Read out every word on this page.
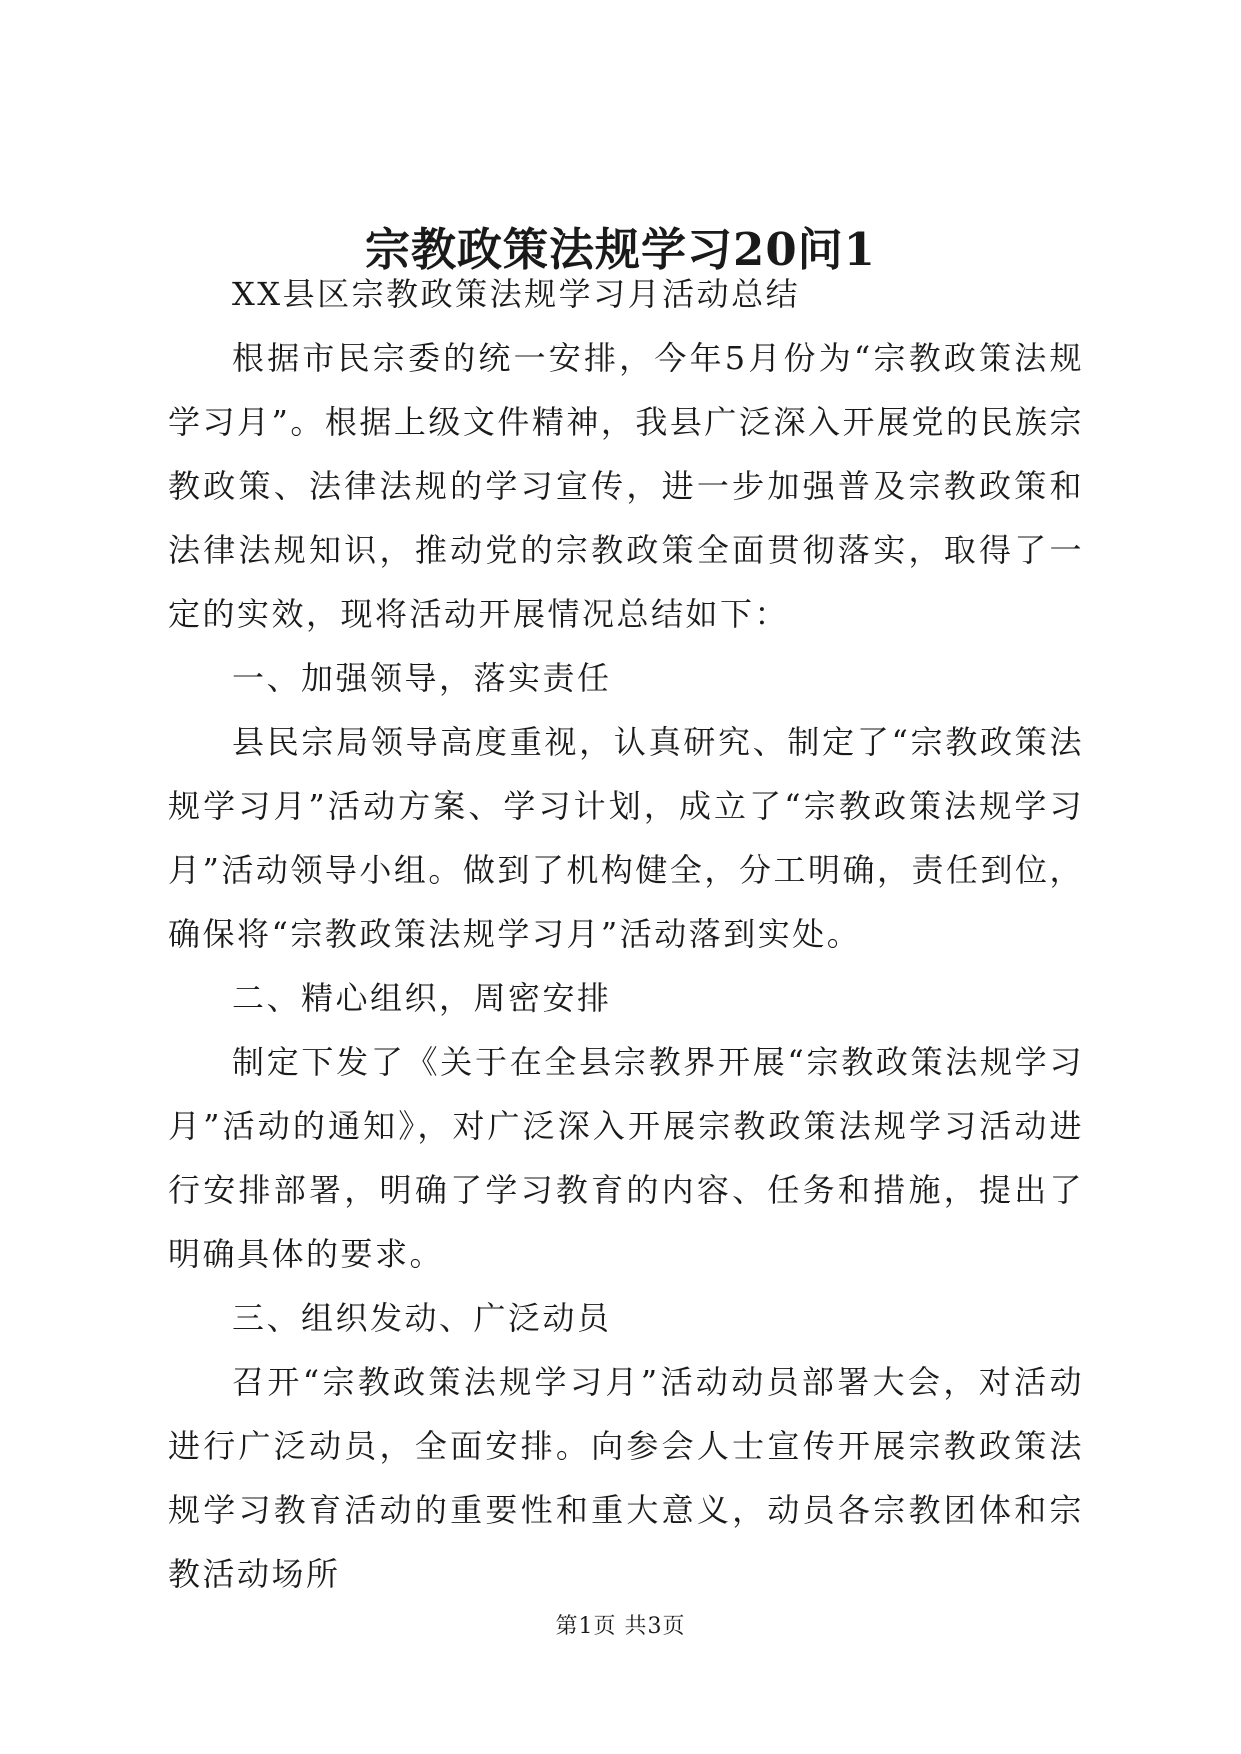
宗教政策法规学习20问1

XX县区宗教政策法规学习月活动总结

根据市民宗委的统一安排，今年5月份为“宗教政策法规学习月”。根据上级文件精神，我县广泛深入开展党的民族宗教政策、法律法规的学习宣传，进一步加强普及宗教政策和法律法规知识，推动党的宗教政策全面贯彻落实，取得了一定的实效，现将活动开展情况总结如下：

一、加强领导，落实责任

县民宗局领导高度重视，认真研究、制定了“宗教政策法规学习月”活动方案、学习计划，成立了“宗教政策法规学习月”活动领导小组。做到了机构健全，分工明确，责任到位，确保将“宗教政策法规学习月”活动落到实处。

二、精心组织，周密安排

制定下发了《关于在全县宗教界开展“宗教政策法规学习月”活动的通知》，对广泛深入开展宗教政策法规学习活动进行安排部署，明确了学习教育的内容、任务和措施，提出了明确具体的要求。

三、组织发动、广泛动员

召开“宗教政策法规学习月”活动动员部署大会，对活动进行广泛动员，全面安排。向参会人士宣传开展宗教政策法规学习教育活动的重要性和重大意义，动员各宗教团体和宗教活动场所

第1页 共3页
